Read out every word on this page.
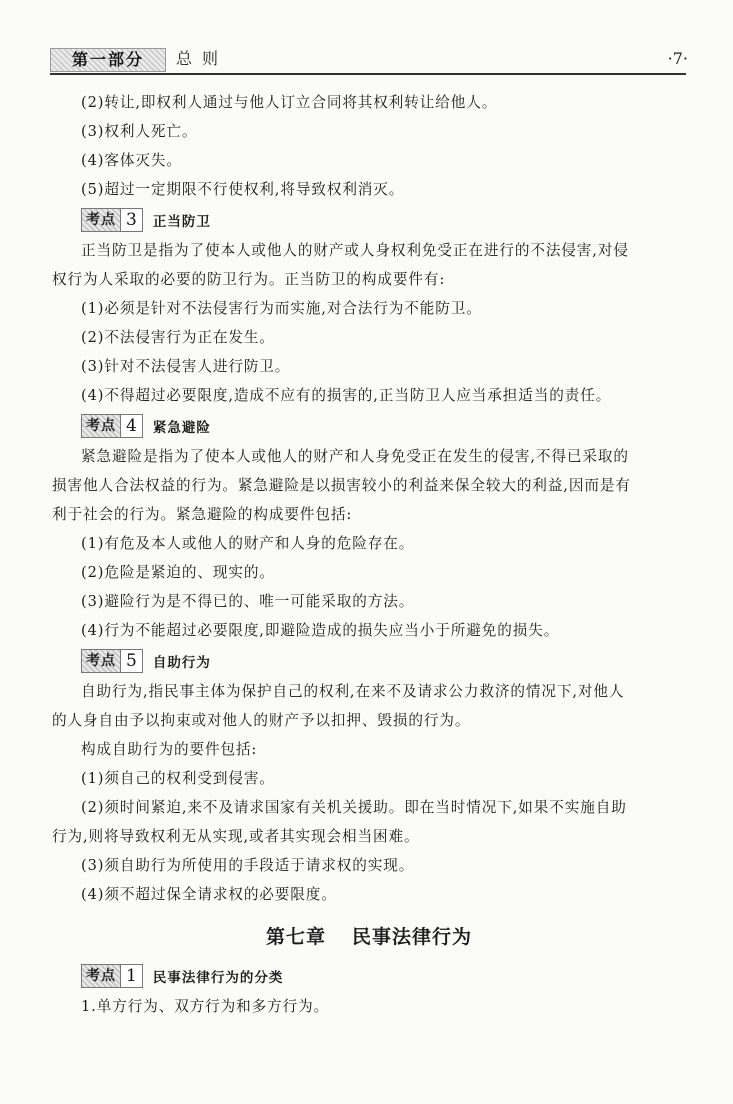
第一部分	总则	·7·

(2)转让,即权利人通过与他人订立合同将其权利转让给他人。

(3)权利人死亡。

(4)客体灭失。

(5)超过一定期限不行使权利,将导致权利消灭。

考点 3	正当防卫

正当防卫是指为了使本人或他人的财产或人身权利免受正在进行的不法侵害,对侵

权行为人采取的必要的防卫行为。正当防卫的构成要件有:

(1)必须是针对不法侵害行为而实施,对合法行为不能防卫。

(2)不法侵害行为正在发生。

(3)针对不法侵害人进行防卫。

(4)不得超过必要限度,造成不应有的损害的,正当防卫人应当承担适当的责任。

考点 4	紧急避险

紧急避险是指为了使本人或他人的财产和人身免受正在发生的侵害,不得已采取的

损害他人合法权益的行为。紧急避险是以损害较小的利益来保全较大的利益,因而是有

利于社会的行为。紧急避险的构成要件包括:

(1)有危及本人或他人的财产和人身的危险存在。

(2)危险是紧迫的、现实的。

(3)避险行为是不得已的、唯一可能采取的方法。

(4)行为不能超过必要限度,即避险造成的损失应当小于所避免的损失。

考点 5	自助行为

自助行为,指民事主体为保护自己的权利,在来不及请求公力救济的情况下,对他人

的人身自由予以拘束或对他人的财产予以扣押、毁损的行为。

构成自助行为的要件包括:

(1)须自己的权利受到侵害。

(2)须时间紧迫,来不及请求国家有关机关援助。即在当时情况下,如果不实施自助

行为,则将导致权利无从实现,或者其实现会相当困难。

(3)须自助行为所使用的手段适于请求权的实现。

(4)须不超过保全请求权的必要限度。

第七章 民事法律行为
考点 1	民事法律行为的分类

1.单方行为、双方行为和多方行为。
